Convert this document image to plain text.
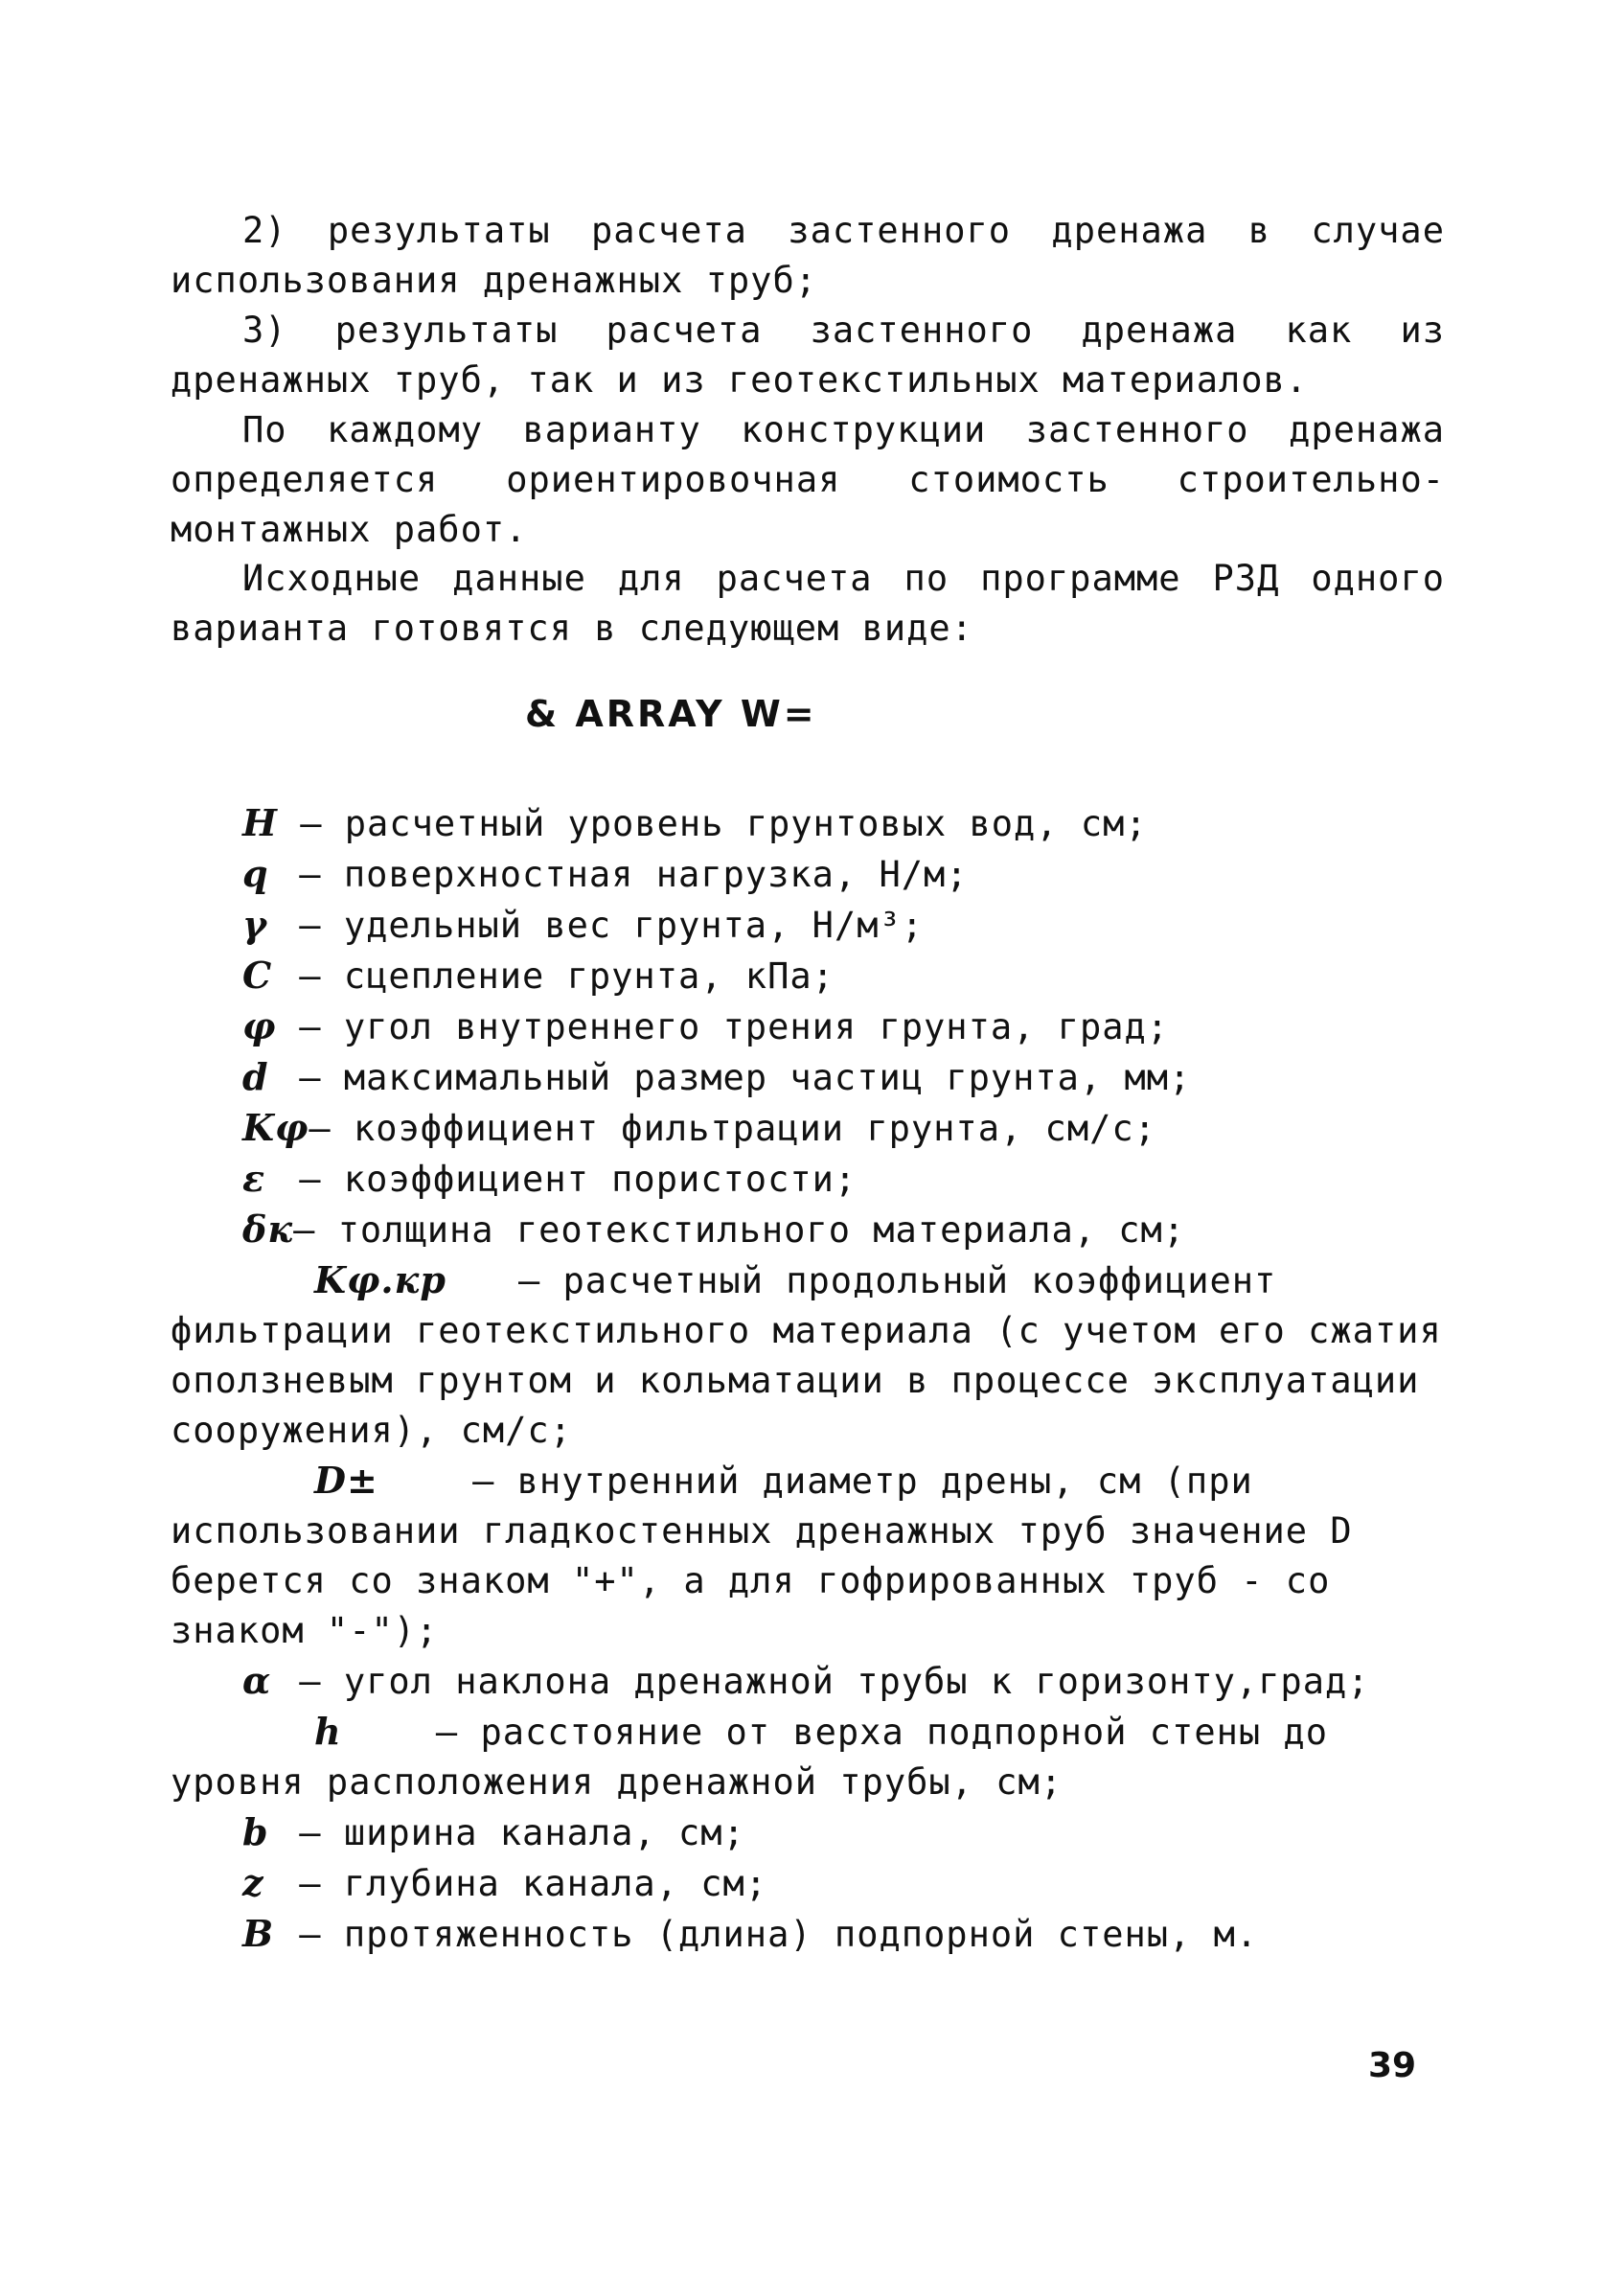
2) результаты расчета застенного дренажа в случае использования дренажных труб;

3) результаты расчета застенного дренажа как из дренажных труб, так и из геотекстильных материалов.

По каждому варианту конструкции застенного дренажа определяется ориентировочная стоимость строительно-монтажных работ.

Исходные данные для расчета по программе РЗД одного варианта готовятся в следующем виде:

& ARRAY W=

H – расчетный уровень грунтовых вод, см;

q – поверхностная нагрузка, Н/м;

γ – удельный вес грунта, Н/м³;

C – сцепление грунта, кПа;

φ – угол внутреннего трения грунта, град;

d – максимальный размер частиц грунта, мм;

Kφ– коэффициент фильтрации грунта, см/с;

ε – коэффициент пористости;

δк– толщина геотекстильного материала, см;

Kφ.кр – расчетный продольный коэффициент фильтрации геотекстильного материала (с учетом его сжатия оползневым грунтом и кольматации в процессе эксплуатации сооружения), см/с;

D±	– внутренний диаметр дрены, см (при использовании гладкостенных дренажных труб значение D берется со знаком "+", а для гофрированных труб - со знаком "-");

α – угол наклона дренажной трубы к горизонту,град;

h	– расстояние от верха подпорной стены до уровня расположения дренажной трубы, см;

b – ширина канала, см;

z – глубина канала, см;

B – протяженность (длина) подпорной стены, м.

39
